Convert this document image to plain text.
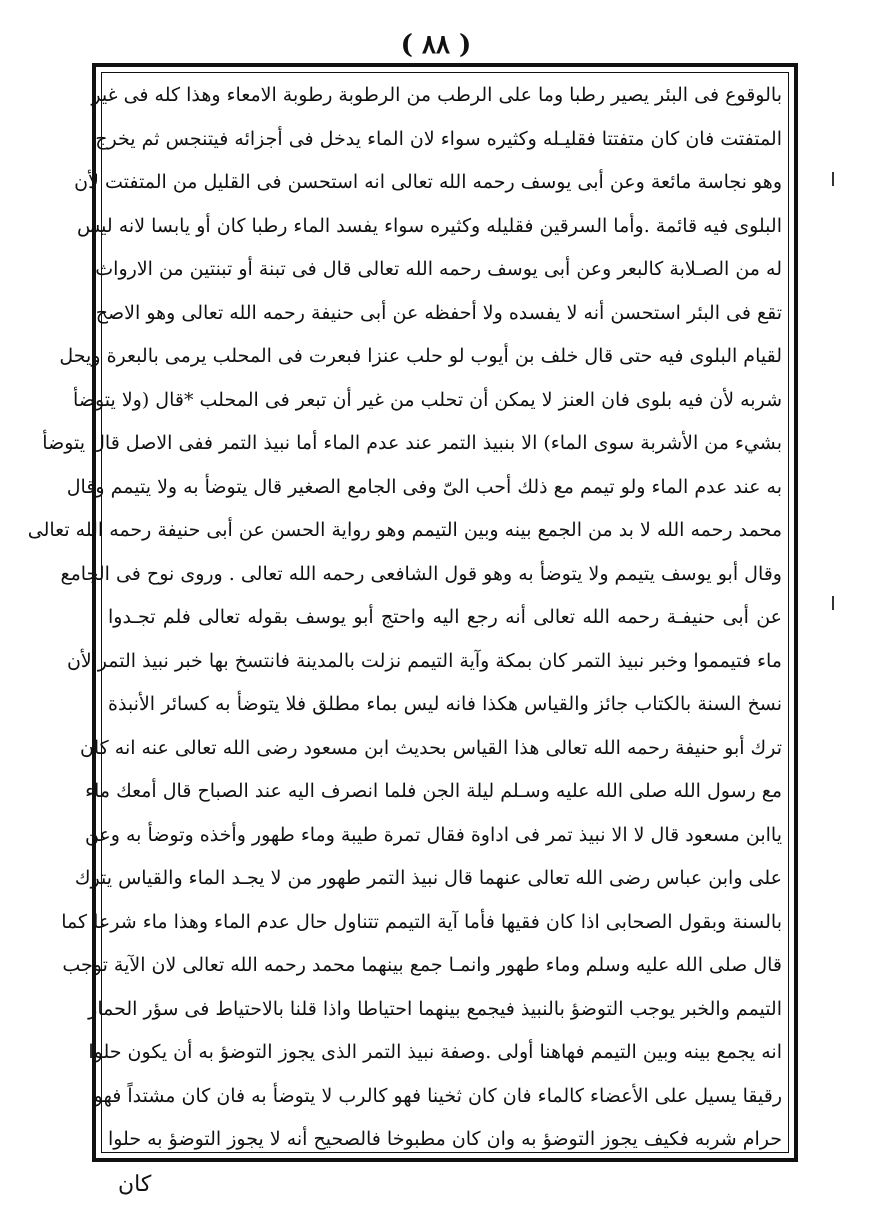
( ٨٨ )
بالوقوع فى البئر يصير رطبا وما على الرطب من الرطوبة رطوبة الامعاء وهذا كله فى غير
المتفتت فان كان متفتتا فقليـله وكثيره سواء لان الماء يدخل فى أجزائه فيتنجس ثم يخرج
وهو نجاسة مائعة وعن أبى يوسف رحمه الله تعالى انه استحسن فى القليل من المتفتت لأن
البلوى فيه قائمة .وأما السرقين فقليله وكثيره سواء يفسد الماء رطبا كان أو يابسا لانه ليس
له من الصـلابة كالبعر وعن أبى يوسف رحمه الله تعالى قال فى تبنة أو تبنتين من الارواث
تقع فى البئر استحسن أنه لا يفسده ولا أحفظه عن أبى حنيفة رحمه الله تعالى وهو الاصح
لقيام البلوى فيه حتى قال خلف بن أيوب لو حلب عنزا فبعرت فى المحلب يرمى بالبعرة ويحل
شربه لأن فيه بلوى فان العنز لا يمكن أن تحلب من غير أن تبعر فى المحلب *قال (ولا يتوضأ
بشيء من الأشربة سوى الماء) الا بنبيذ التمر عند عدم الماء أما نبيذ التمر ففى الاصل قال يتوضأ
به عند عدم الماء ولو تيمم مع ذلك أحب الىّ وفى الجامع الصغير قال يتوضأ به ولا يتيمم وقال
محمد رحمه الله لا بد من الجمع بينه وبين التيمم وهو رواية الحسن عن أبى حنيفة رحمه الله تعالى
وقال أبو يوسف يتيمم ولا يتوضأ به وهو قول الشافعى رحمه الله تعالى . وروى نوح فى الجامع
عن أبى حنيفـة رحمه الله تعالى أنه رجع اليه واحتج أبو يوسف بقوله تعالى فلم تجـدوا
ماء فتيمموا وخبر نبيذ التمر كان بمكة وآية التيمم نزلت بالمدينة فانتسخ بها خبر نبيذ التمر لأن
نسخ السنة بالكتاب جائز والقياس هكذا فانه ليس بماء مطلق فلا يتوضأ به كسائر الأنبذة
ترك أبو حنيفة رحمه الله تعالى هذا القياس بحديث ابن مسعود رضى الله تعالى عنه انه كان
مع رسول الله صلى الله عليه وسـلم ليلة الجن فلما انصرف اليه عند الصباح قال أمعك ماء
ياابن مسعود قال لا الا نبيذ تمر فى اداوة فقال تمرة طيبة وماء طهور وأخذه وتوضأ به وعن
على وابن عباس رضى الله تعالى عنهما قال نبيذ التمر طهور من لا يجـد الماء والقياس يترك
بالسنة وبقول الصحابى اذا كان فقيها فأما آية التيمم تتناول حال عدم الماء وهذا ماء شرعا كما
قال صلى الله عليه وسلم وماء طهور وانمـا جمع بينهما محمد رحمه الله تعالى لان الآية توجب
التيمم والخبر يوجب التوضؤ بالنبيذ فيجمع بينهما احتياطا واذا قلنا بالاحتياط فى سؤر الحمار
انه يجمع بينه وبين التيمم فهاهنا أولى .وصفة نبيذ التمر الذى يجوز التوضؤ به أن يكون حلوا
رقيقا يسيل على الأعضاء كالماء فان كان ثخينا فهو كالرب لا يتوضأ به فان كان مشتداً فهو
حرام شربه فكيف يجوز التوضؤ به وان كان مطبوخا فالصحيح أنه لا يجوز التوضؤ به حلوا
كان
